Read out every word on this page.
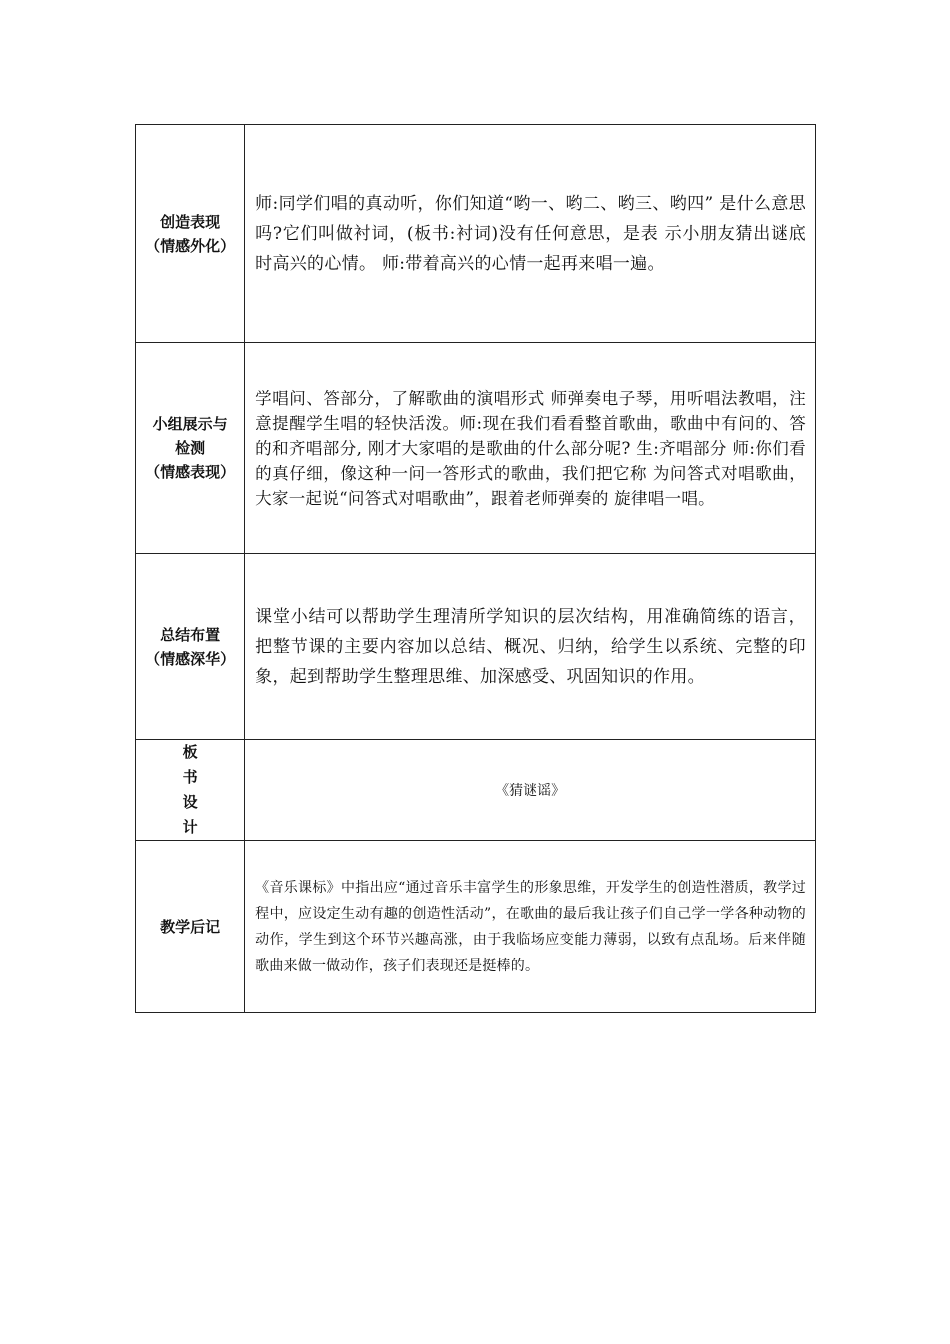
创造表现
（情感外化）	师:同学们唱的真动听，你们知道“哟一、哟二、哟三、哟四” 是什么意思吗?它们叫做衬词，(板书:衬词)没有任何意思，是表 示小朋友猜出谜底时高兴的心情。 师:带着高兴的心情一起再来唱一遍。

小组展示与
检测
（情感表现）	学唱问、答部分，了解歌曲的演唱形式 师弹奏电子琴，用听唱法教唱，注意提醒学生唱的轻快活泼。师:现在我们看看整首歌曲，歌曲中有问的、答的和齐唱部分, 刚才大家唱的是歌曲的什么部分呢? 生:齐唱部分 师:你们看的真仔细，像这种一问一答形式的歌曲，我们把它称 为问答式对唱歌曲，大家一起说“问答式对唱歌曲”，跟着老师弹奏的 旋律唱一唱。

总结布置
（情感深华）	课堂小结可以帮助学生理清所学知识的层次结构，用准确简练的语言，把整节课的主要内容加以总结、概况、归纳，给学生以系统、完整的印象，起到帮助学生整理思维、加深感受、巩固知识的作用。

板
书
设
计	《猜谜谣》

教学后记	《音乐课标》中指出应“通过音乐丰富学生的形象思维，开发学生的创造性潜质，教学过程中，应设定生动有趣的创造性活动”，在歌曲的最后我让孩子们自己学一学各种动物的动作，学生到这个环节兴趣高涨，由于我临场应变能力薄弱，以致有点乱场。后来伴随歌曲来做一做动作，孩子们表现还是挺棒的。
